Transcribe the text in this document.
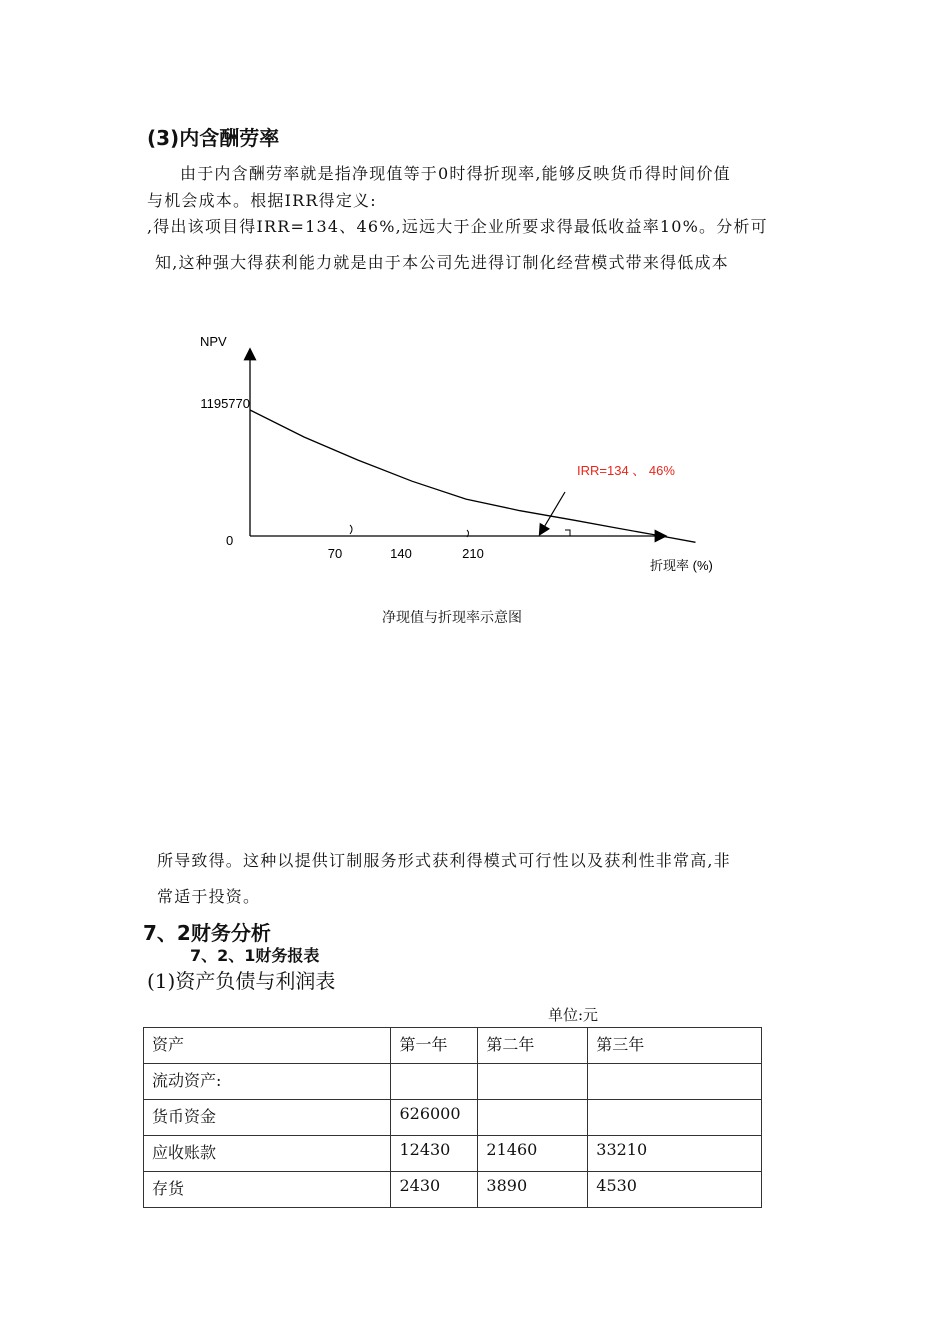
(3)内含酬劳率
由于内含酬劳率就是指净现值等于0时得折现率,能够反映货币得时间价值
与机会成本。根据IRR得定义:
,得出该项目得IRR=134、46%,远远大于企业所要求得最低收益率10%。分析可
知,这种强大得获利能力就是由于本公司先进得订制化经营模式带来得低成本
NPV
1195770
0
70	140	210
折现率 (%)
IRR=134 、 46%
净现值与折现率示意图
所导致得。这种以提供订制服务形式获利得模式可行性以及获利性非常高,非
常适于投资。
7、2财务分析
7、2、1财务报表
(1)资产负债与利润表
单位:元
资产	第一年	第二年	第三年
流动资产:			
货币资金	626000		
应收账款	12430	21460	33210
存货	2430	3890	4530
